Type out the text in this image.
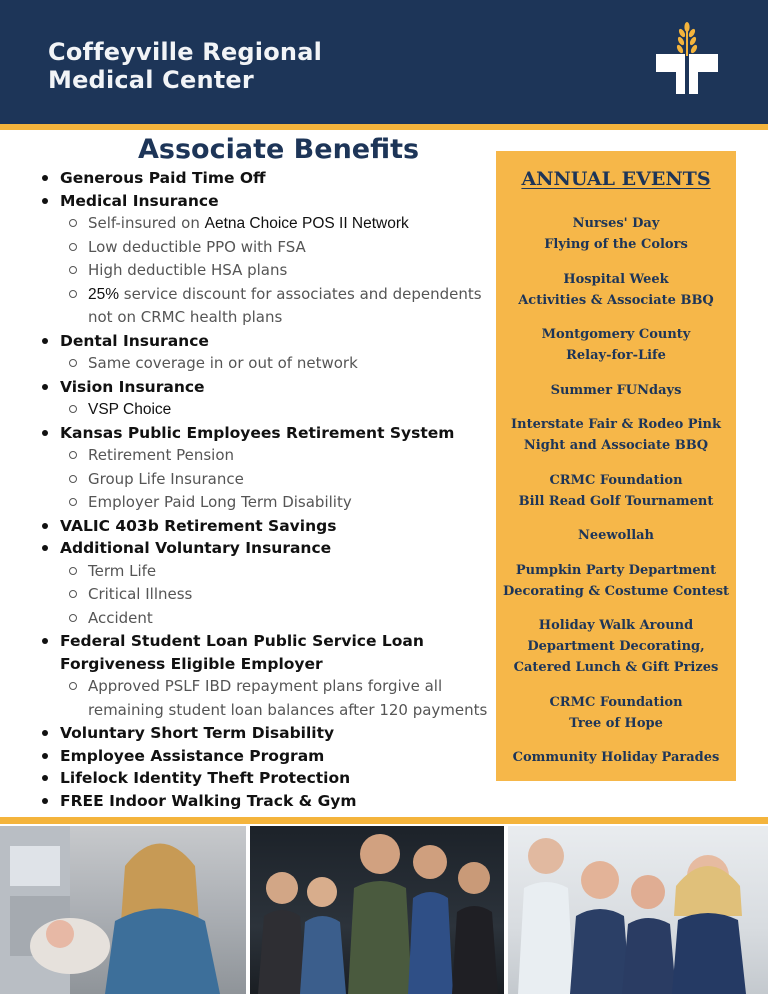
Coffeyville Regional
Medical Center
Associate Benefits
Generous Paid Time Off
Medical Insurance
Self-insured on Aetna Choice POS II Network
Low deductible PPO with FSA
High deductible HSA plans
25% service discount for associates and dependents not on CRMC health plans
Dental Insurance
Same coverage in or out of network
Vision Insurance
VSP Choice
Kansas Public Employees Retirement System
Retirement Pension
Group Life Insurance
Employer Paid Long Term Disability
VALIC 403b Retirement Savings
Additional Voluntary Insurance
Term Life
Critical Illness
Accident
Federal Student Loan Public Service Loan Forgiveness Eligible Employer
Approved PSLF IBD repayment plans forgive all remaining student loan balances after 120 payments
Voluntary Short Term Disability
Employee Assistance Program
Lifelock Identity Theft Protection
FREE Indoor Walking Track & Gym
ANNUAL EVENTS
Nurses' Day
Flying of the Colors
Hospital Week
Activities & Associate BBQ
Montgomery County
Relay-for-Life
Summer FUNdays
Interstate Fair & Rodeo Pink
Night and Associate BBQ
CRMC Foundation
Bill Read Golf Tournament
Neewollah
Pumpkin Party Department
Decorating & Costume Contest
Holiday Walk Around
Department Decorating,
Catered Lunch & Gift Prizes
CRMC Foundation
Tree of Hope
Community Holiday Parades
